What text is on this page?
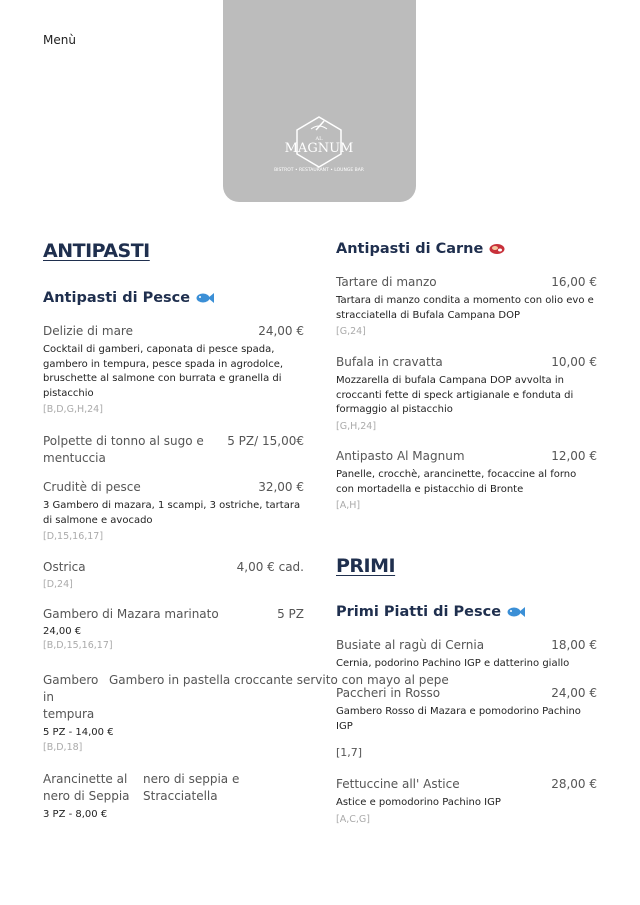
Menù
AL
MAGNUM
BISTROT • RESTAURANT • LOUNGE BAR
ANTIPASTI
Antipasti di Pesce
Delizie di mare	24,00 €
Cocktail di gamberi, caponata di pesce spada, gambero in tempura, pesce spada in agrodolce, bruschette al salmone con burrata e granella di pistacchio
[B,D,G,H,24]
Polpette di tonno al sugo e mentuccia
5 PZ/ 15,00€
Cruditè di pesce	32,00 €
3 Gambero di mazara, 1 scampi, 3 ostriche, tartara di salmone e avocado
[D,15,16,17]
Ostrica	4,00 € cad.
[D,24]
Gambero di Mazara marinato	5 PZ
24,00 €
[B,D,15,16,17]
Gambero in tempura
Gambero in pastella croccante servito con mayo al pepe
5 PZ - 14,00 €
[B,D,18]
Arancinette al nero di Seppia
nero di seppia e Stracciatella
3 PZ - 8,00 €
Antipasti di Carne
Tartare di manzo	16,00 €
Tartara di manzo condita a momento con olio evo e stracciatella di Bufala Campana DOP
[G,24]
Bufala in cravatta	10,00 €
Mozzarella di bufala Campana DOP avvolta in croccanti fette di speck artigianale e fonduta di formaggio al pistacchio
[G,H,24]
Antipasto Al Magnum	12,00 €
Panelle, crocchè, arancinette, focaccine al forno con mortadella e pistacchio di Bronte
[A,H]
PRIMI
Primi Piatti di Pesce
Busiate al ragù di Cernia	18,00 €
Cernia, podorino Pachino IGP e datterino giallo
Paccheri in Rosso	24,00 €
Gambero Rosso di Mazara e pomodorino Pachino IGP
[1,7]
Fettuccine all' Astice	28,00 €
Astice e pomodorino Pachino IGP
[A,C,G]
